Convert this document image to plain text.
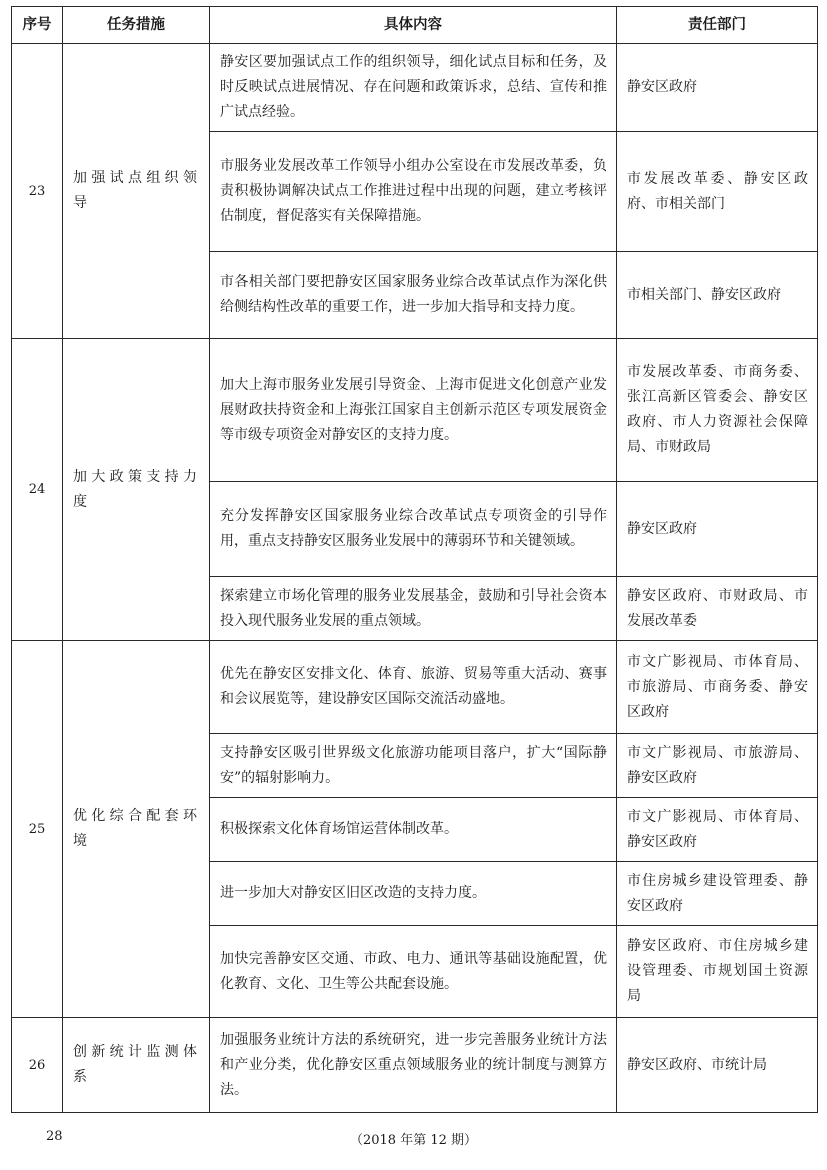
序号	任务措施	具体内容	责任部门
23	加强试点组织领导	静安区要加强试点工作的组织领导，细化试点目标和任务，及时反映试点进展情况、存在问题和政策诉求，总结、宣传和推广试点经验。	静安区政府
		市服务业发展改革工作领导小组办公室设在市发展改革委，负责积极协调解决试点工作推进过程中出现的问题，建立考核评估制度，督促落实有关保障措施。	市发展改革委、静安区政府、市相关部门
		市各相关部门要把静安区国家服务业综合改革试点作为深化供给侧结构性改革的重要工作，进一步加大指导和支持力度。	市相关部门、静安区政府
24	加大政策支持力度	加大上海市服务业发展引导资金、上海市促进文化创意产业发展财政扶持资金和上海张江国家自主创新示范区专项发展资金等市级专项资金对静安区的支持力度。	市发展改革委、市商务委、张江高新区管委会、静安区政府、市人力资源社会保障局、市财政局
		充分发挥静安区国家服务业综合改革试点专项资金的引导作用，重点支持静安区服务业发展中的薄弱环节和关键领域。	静安区政府
		探索建立市场化管理的服务业发展基金，鼓励和引导社会资本投入现代服务业发展的重点领域。	静安区政府、市财政局、市发展改革委
25	优化综合配套环境	优先在静安区安排文化、体育、旅游、贸易等重大活动、赛事和会议展览等，建设静安区国际交流活动盛地。	市文广影视局、市体育局、市旅游局、市商务委、静安区政府
		支持静安区吸引世界级文化旅游功能项目落户，扩大“国际静安”的辐射影响力。	市文广影视局、市旅游局、静安区政府
		积极探索文化体育场馆运营体制改革。	市文广影视局、市体育局、静安区政府
		进一步加大对静安区旧区改造的支持力度。	市住房城乡建设管理委、静安区政府
		加快完善静安区交通、市政、电力、通讯等基础设施配置，优化教育、文化、卫生等公共配套设施。	静安区政府、市住房城乡建设管理委、市规划国土资源局
26	创新统计监测体系	加强服务业统计方法的系统研究，进一步完善服务业统计方法和产业分类，优化静安区重点领域服务业的统计制度与测算方法。	静安区政府、市统计局
28	（2018 年第 12 期）
